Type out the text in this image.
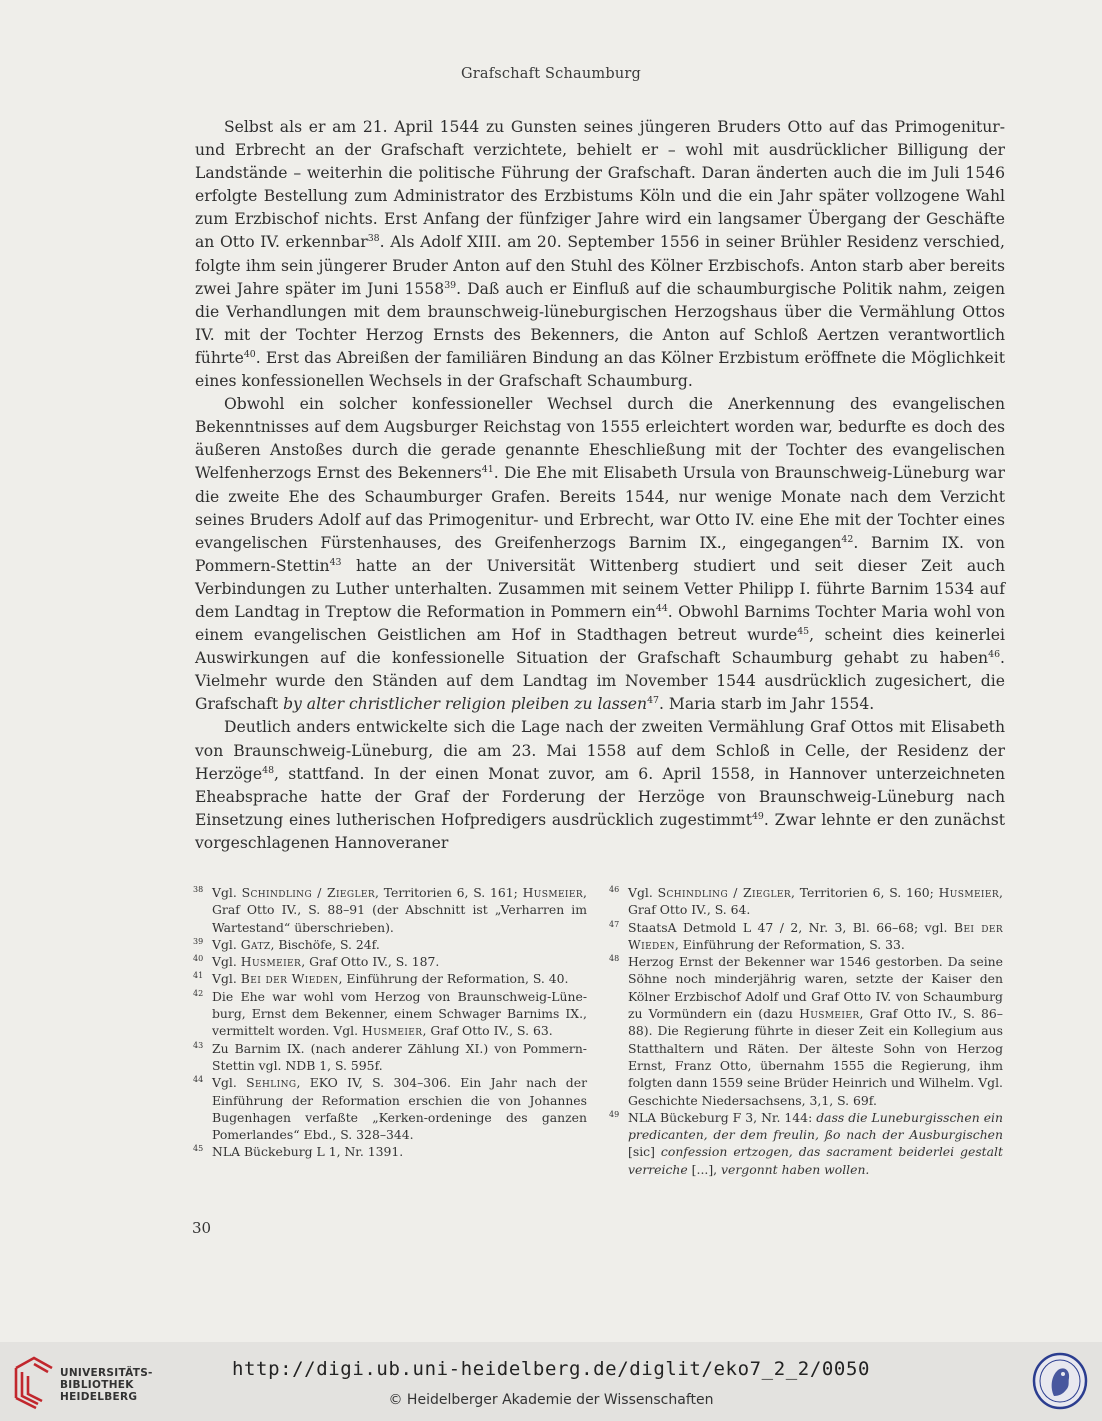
Grafschaft Schaumburg

Selbst als er am 21. April 1544 zu Gunsten seines jüngeren Bruders Otto auf das Primogenitur- und Erbrecht an der Grafschaft verzichtete, behielt er – wohl mit ausdrücklicher Billigung der Landstände – weiterhin die politische Führung der Grafschaft. Daran änderten auch die im Juli 1546 erfolgte Bestellung zum Administrator des Erzbistums Köln und die ein Jahr später vollzogene Wahl zum Erzbischof nichts. Erst Anfang der fünfziger Jahre wird ein langsamer Übergang der Geschäfte an Otto IV. erkennbar$^{38}$. Als Adolf XIII. am 20. September 1556 in seiner Brühler Residenz verschied, folgte ihm sein jüngerer Bruder Anton auf den Stuhl des Kölner Erzbischofs. Anton starb aber bereits zwei Jahre später im Juni 1558$^{39}$. Daß auch er Einfluß auf die schaumburgische Politik nahm, zeigen die Verhandlungen mit dem braunschweig-lüneburgischen Herzogshaus über die Vermählung Ottos IV. mit der Tochter Herzog Ernsts des Bekenners, die Anton auf Schloß Aertzen verantwortlich führte$^{40}$. Erst das Abreißen der familiären Bindung an das Kölner Erzbistum eröffnete die Möglichkeit eines konfessionellen Wechsels in der Grafschaft Schaumburg.

Obwohl ein solcher konfessioneller Wechsel durch die Anerkennung des evangelischen Bekenntnisses auf dem Augsburger Reichstag von 1555 erleichtert worden war, bedurfte es doch des äußeren Anstoßes durch die gerade genannte Eheschließung mit der Tochter des evangelischen Welfenherzogs Ernst des Bekenners$^{41}$. Die Ehe mit Elisabeth Ursula von Braunschweig-Lüneburg war die zweite Ehe des Schaumburger Grafen. Bereits 1544, nur wenige Monate nach dem Verzicht seines Bruders Adolf auf das Primogenitur- und Erbrecht, war Otto IV. eine Ehe mit der Tochter eines evangelischen Fürstenhauses, des Greifenherzogs Barnim IX., eingegangen$^{42}$. Barnim IX. von Pommern-Stettin$^{43}$ hatte an der Universität Wittenberg studiert und seit dieser Zeit auch Verbindungen zu Luther unterhalten. Zusammen mit seinem Vetter Philipp I. führte Barnim 1534 auf dem Landtag in Treptow die Reformation in Pommern ein$^{44}$. Obwohl Barnims Tochter Maria wohl von einem evangelischen Geistlichen am Hof in Stadthagen betreut wurde$^{45}$, scheint dies keinerlei Auswirkungen auf die konfessionelle Situation der Grafschaft Schaumburg gehabt zu haben$^{46}$. Vielmehr wurde den Ständen auf dem Landtag im November 1544 ausdrücklich zugesichert, die Grafschaft by alter christlicher religion pleiben zu lassen$^{47}$. Maria starb im Jahr 1554.

Deutlich anders entwickelte sich die Lage nach der zweiten Vermählung Graf Ottos mit Elisabeth von Braunschweig-Lüneburg, die am 23. Mai 1558 auf dem Schloß in Celle, der Residenz der Herzöge$^{48}$, stattfand. In der einen Monat zuvor, am 6. April 1558, in Hannover unterzeichneten Eheabsprache hatte der Graf der Forderung der Herzöge von Braunschweig-Lüneburg nach Einsetzung eines lutherischen Hofpredigers ausdrücklich zugestimmt$^{49}$. Zwar lehnte er den zunächst vorgeschlagenen Hannoveraner

38 Vgl. Schindling / Ziegler, Territorien 6, S. 161; Husmeier, Graf Otto IV., S. 88–91 (der Abschnitt ist „Verharren im Wartestand“ überschrieben).

39 Vgl. Gatz, Bischöfe, S. 24f.

40 Vgl. Husmeier, Graf Otto IV., S. 187.

41 Vgl. Bei der Wieden, Einführung der Reformation, S. 40.

42 Die Ehe war wohl vom Herzog von Braunschweig-Lüneburg, Ernst dem Bekenner, einem Schwager Barnims IX., vermittelt worden. Vgl. Husmeier, Graf Otto IV., S. 63.

43 Zu Barnim IX. (nach anderer Zählung XI.) von Pommern-Stettin vgl. NDB 1, S. 595f.

44 Vgl. Sehling, EKO IV, S. 304–306. Ein Jahr nach der Einführung der Reformation erschien die von Johannes Bugenhagen verfaßte „Kerken-ordeninge des ganzen Pomerlandes“ Ebd., S. 328–344.

45 NLA Bückeburg L 1, Nr. 1391.

46 Vgl. Schindling / Ziegler, Territorien 6, S. 160; Husmeier, Graf Otto IV., S. 64.

47 StaatsA Detmold L 47 / 2, Nr. 3, Bl. 66–68; vgl. Bei der Wieden, Einführung der Reformation, S. 33.

48 Herzog Ernst der Bekenner war 1546 gestorben. Da seine Söhne noch minderjährig waren, setzte der Kaiser den Kölner Erzbischof Adolf und Graf Otto IV. von Schaumburg zu Vormündern ein (dazu Husmeier, Graf Otto IV., S. 86–88). Die Regierung führte in dieser Zeit ein Kollegium aus Statthaltern und Räten. Der älteste Sohn von Herzog Ernst, Franz Otto, übernahm 1555 die Regierung, ihm folgten dann 1559 seine Brüder Heinrich und Wilhelm. Vgl. Geschichte Niedersachsens, 3,1, S. 69f.

49 NLA Bückeburg F 3, Nr. 144: dass die Luneburgisschen ein predicanten, der dem freulin, ßo nach der Ausburgischen [sic] confession ertzogen, das sacrament beiderlei gestalt verreiche [...], vergonnt haben wollen.

30
UNIVERSITÄTS-
BIBLIOTHEK
HEIDELBERG
http://digi.ub.uni-heidelberg.de/diglit/eko7_2_2/0050
© Heidelberger Akademie der Wissenschaften
